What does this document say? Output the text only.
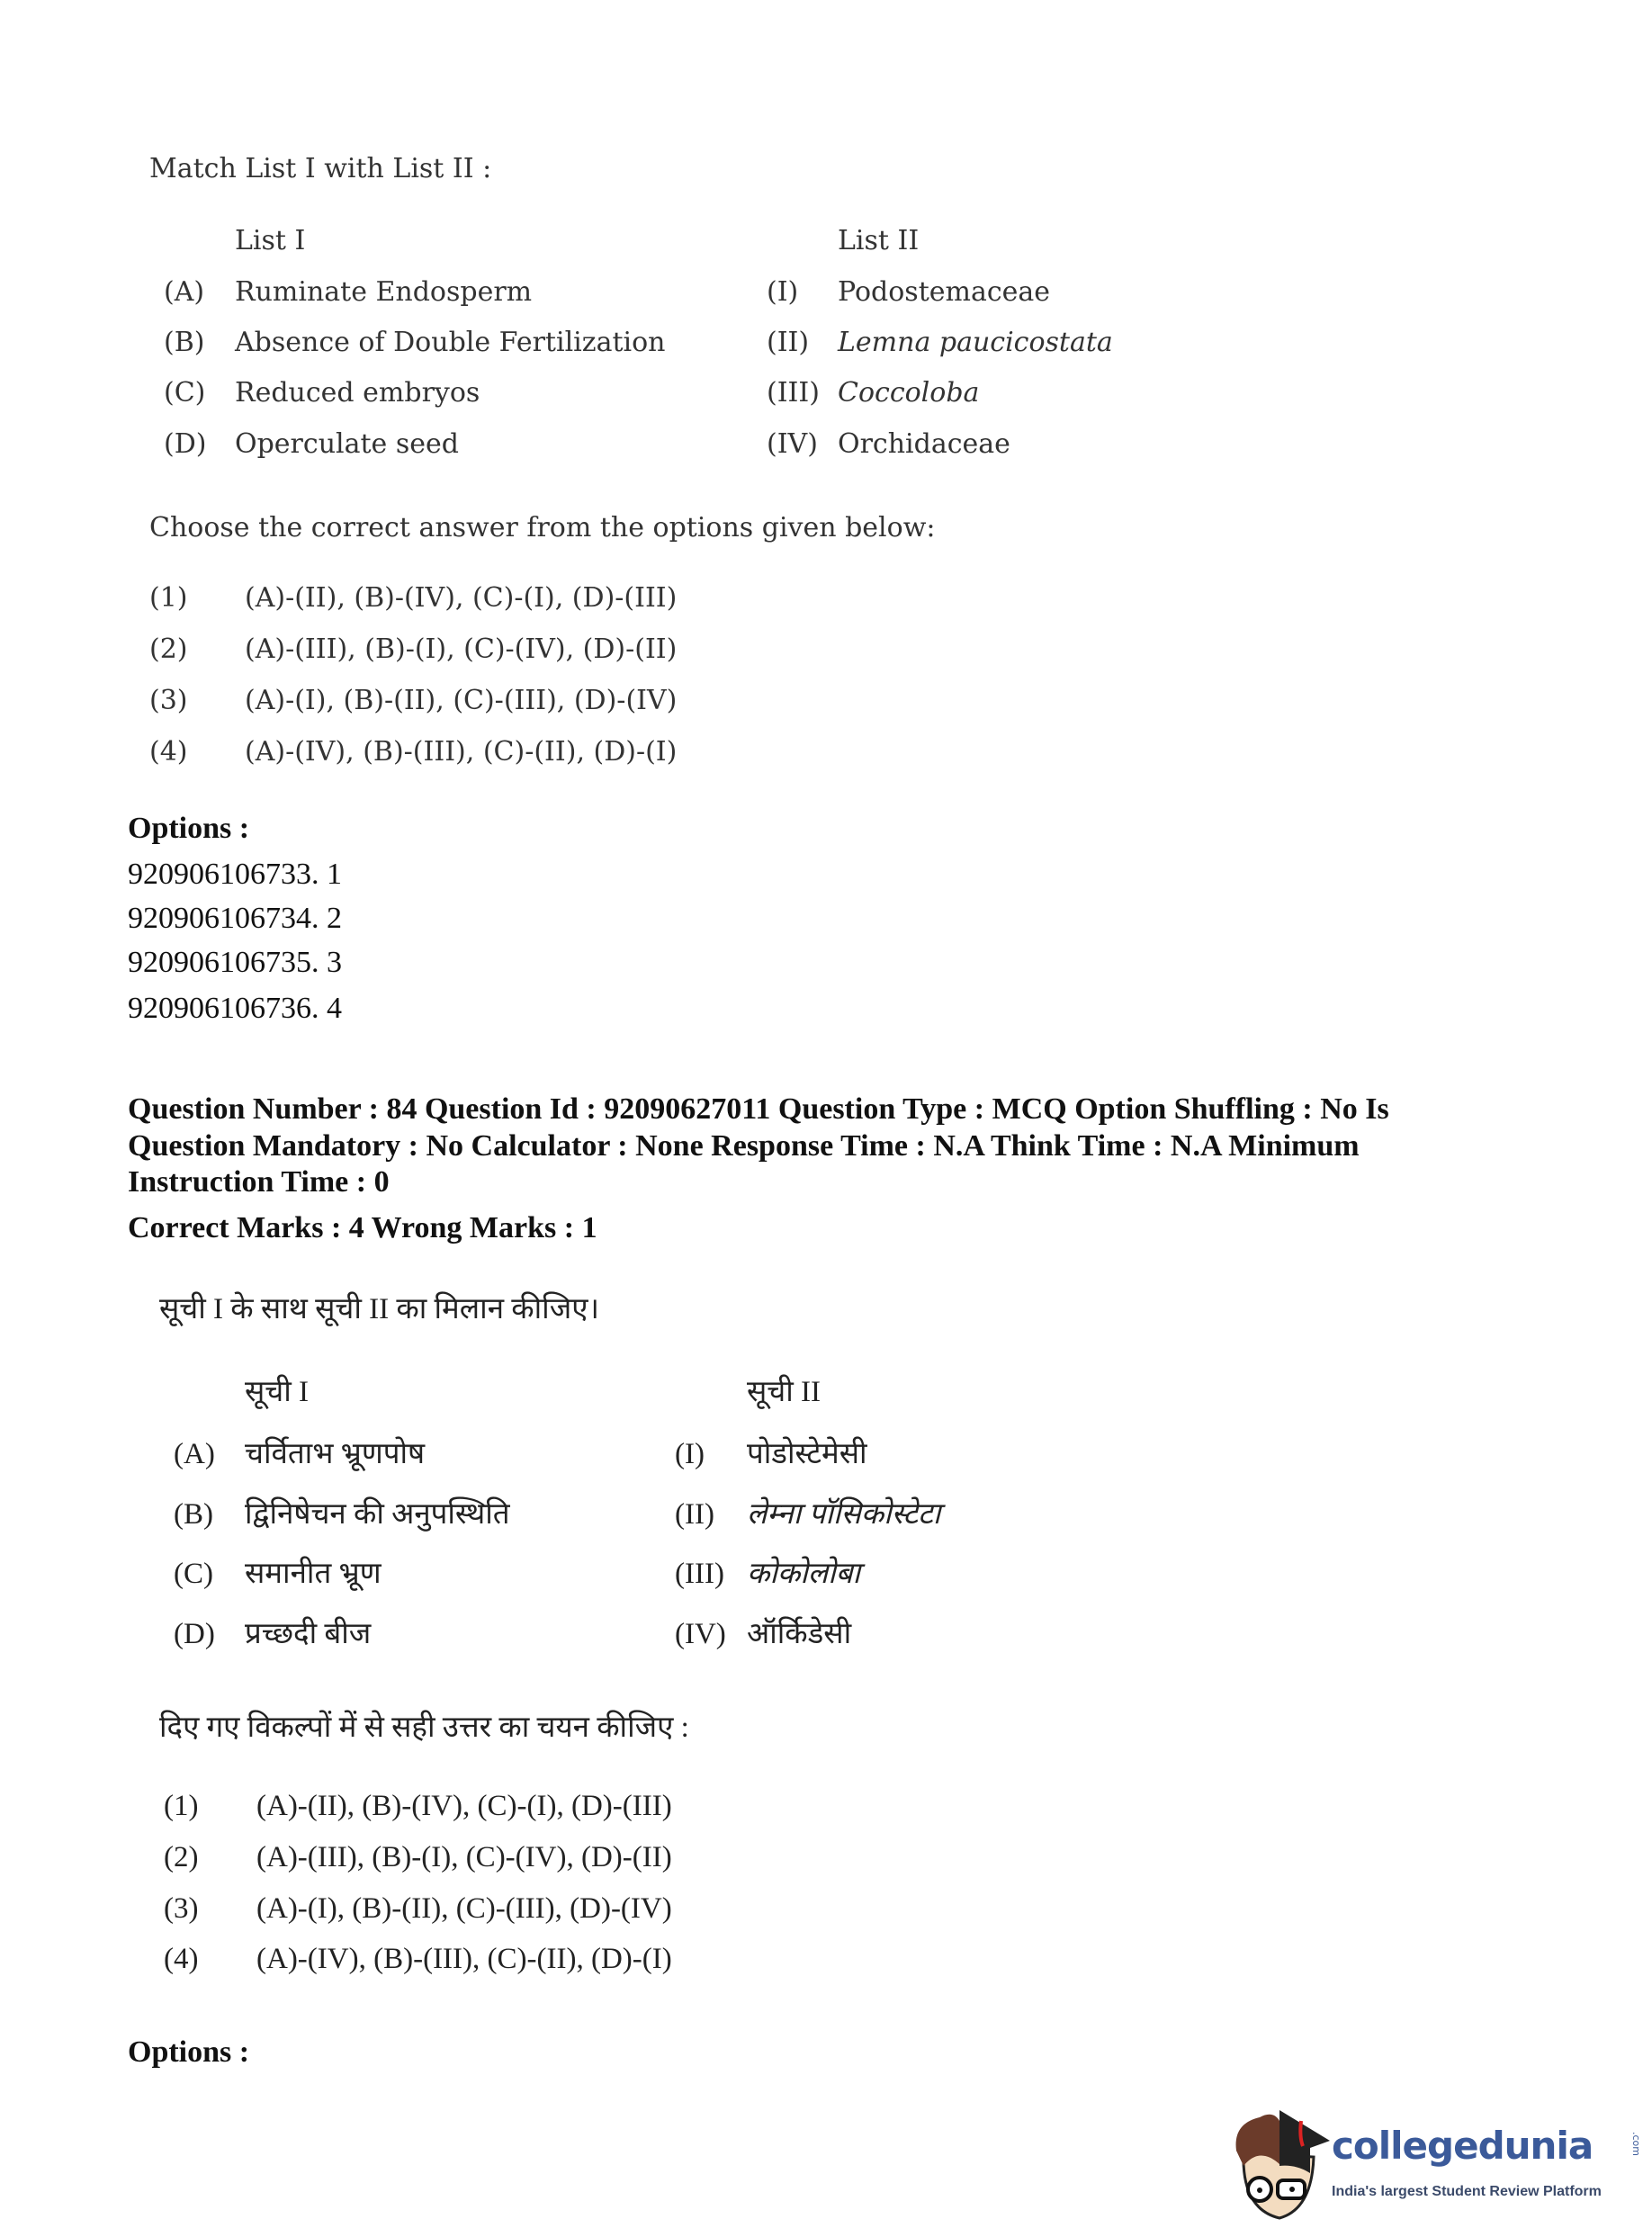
Match List I with List II :
List I	List II
(A) Ruminate Endosperm	(I) Podostemaceae
(B) Absence of Double Fertilization	(II) Lemna paucicostata
(C) Reduced embryos	(III) Coccoloba
(D) Operculate seed	(IV) Orchidaceae
Choose the correct answer from the options given below:
(1) (A)-(II), (B)-(IV), (C)-(I), (D)-(III)
(2) (A)-(III), (B)-(I), (C)-(IV), (D)-(II)
(3) (A)-(I), (B)-(II), (C)-(III), (D)-(IV)
(4) (A)-(IV), (B)-(III), (C)-(II), (D)-(I)
Options :
920906106733. 1
920906106734. 2
920906106735. 3
920906106736. 4
Question Number : 84 Question Id : 92090627011 Question Type : MCQ Option Shuffling : No Is
Question Mandatory : No Calculator : None Response Time : N.A Think Time : N.A Minimum
Instruction Time : 0
Correct Marks : 4 Wrong Marks : 1
सूची I के साथ सूची II का मिलान कीजिए।
सूची I	सूची II
(A) चर्विताभ भ्रूणपोष	(I) पोडोस्टेमेसी
(B) द्विनिषेचन की अनुपस्थिति	(II) लेम्ना पॉसिकोस्टेटा
(C) समानीत भ्रूण	(III) कोकोलोबा
(D) प्रच्छदी बीज	(IV) ऑर्किडेसी
दिए गए विकल्पों में से सही उत्तर का चयन कीजिए :
(1) (A)-(II), (B)-(IV), (C)-(I), (D)-(III)
(2) (A)-(III), (B)-(I), (C)-(IV), (D)-(II)
(3) (A)-(I), (B)-(II), (C)-(III), (D)-(IV)
(4) (A)-(IV), (B)-(III), (C)-(II), (D)-(I)
Options :
collegedunia	.com
India's largest Student Review Platform
